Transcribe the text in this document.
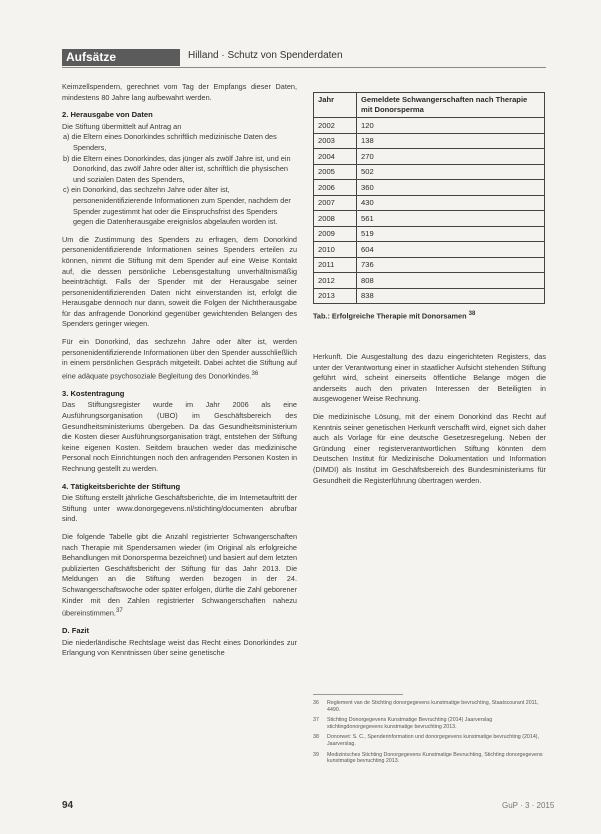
Aufsätze	Hilland · Schutz von Spenderdaten

Keimzellspendern, gerechnet vom Tag der Empfangs dieser Daten, mindestens 80 Jahre lang aufbewahrt werden.

2. Herausgabe von Daten

Die Stiftung übermittelt auf Antrag an

a) die Eltern eines Donorkindes schriftlich medizinische Daten des Spenders,
b) die Eltern eines Donorkindes, das jünger als zwölf Jahre ist, und ein Donorkind, das zwölf Jahre oder älter ist, schriftlich die physischen und sozialen Daten des Spenders,
c) ein Donorkind, das sechzehn Jahre oder älter ist, personenidentifizierende Informationen zum Spender, nachdem der Spender zugestimmt hat oder die Einspruchsfrist des Spenders gegen die Datenherausgabe ereignislos abgelaufen worden ist.

Um die Zustimmung des Spenders zu erfragen, dem Donorkind personenidentifizierende Informationen seines Spenders erteilen zu können, nimmt die Stiftung mit dem Spender auf eine Weise Kontakt auf, die dessen persönliche Lebensgestaltung unverhältnismäßig beeinträchtigt. Falls der Spender mit der Herausgabe seiner personenidentifizierenden Daten nicht einverstanden ist, erfolgt die Herausgabe dennoch nur dann, soweit die Folgen der Nichtherausgabe für das anfragende Donorkind gegenüber gewichtenden Belangen des Spenders geringer wiegen.

Für ein Donorkind, das sechzehn Jahre oder älter ist, werden personenidentifizierende Informationen über den Spender ausschließlich in einem persönlichen Gespräch mitgeteilt. Dabei achtet die Stiftung auf eine adäquate psychosoziale Begleitung des Donorkindes.$^{36}$

3. Kostentragung

Das Stiftungsregister wurde im Jahr 2006 als eine Ausführungsorganisation (UBO) im Geschäftsbereich des Gesundheitsministeriums übergeben. Da das Gesundheitsministerium die Kosten dieser Ausführungsorganisation trägt, entstehen der Stiftung keine eigenen Kosten. Seitdem brauchen weder das medizinische Personal noch Einrichtungen noch den anfragenden Personen Kosten in Rechnung gestellt zu werden.

4. Tätigkeitsberichte der Stiftung

Die Stiftung erstellt jährliche Geschäftsberichte, die im Internetauftritt der Stiftung unter www.donorgegevens.nl/stichting/documenten abrufbar sind.

Die folgende Tabelle gibt die Anzahl registrierter Schwangerschaften nach Therapie mit Spendersamen wieder (im Original als erfolgreiche Behandlungen mit Donorsperma bezeichnet) und basiert auf dem letzten publizierten Geschäftsbericht der Stiftung für das Jahr 2013. Die Meldungen an die Stiftung werden bezogen in der 24. Schwangerschaftswoche oder später erfolgen, dürfte die Zahl geborener Kinder mit den Zahlen registrierter Schwangerschaften nahezu übereinstimmen.$^{37}$

D. Fazit

Die niederländische Rechtslage weist das Recht eines Donorkindes zur Erlangung von Kenntnissen über seine genetische

Jahr	Gemeldete Schwangerschaften nach Therapie mit Donorsperma
2002	120
2003	138
2004	270
2005	502
2006	360
2007	430
2008	561
2009	519
2010	604
2011	736
2012	808
2013	838
Tab.: Erfolgreiche Therapie mit Donorsamen $^{38}$

Herkunft. Die Ausgestaltung des dazu eingerichteten Registers, das unter der Verantwortung einer in staatlicher Aufsicht stehenden Stiftung geführt wird, scheint einerseits öffentliche Belange mögen die anderseits auch den privaten Interessen der Beteiligten in ausgewogener Weise Rechnung.

Die medizinische Lösung, mit der einem Donorkind das Recht auf Kenntnis seiner genetischen Herkunft verschafft wird, eignet sich daher auch als Vorlage für eine deutsche Gesetzesregelung. Neben der Gründung einer registerverantwortlichen Stiftung könnten dem Deutschen Institut für Medizinische Dokumentation und Information (DIMDI) als Institut im Geschäftsbereich des Bundesministeriums für Gesundheit die Registerführung übertragen werden.

36	Reglement van de Stichting donorgegevens kunstmatige bevruchting, Staatscourant 2011, 4490.
37	Stichting Donorgegevens Kunstmatige Bevruchting (2014) Jaarverslag stichtingdonorgegevens kunstmatige bevruchting 2013.
38	Donorwet: S. C., Spenderinformation und donorgegevens kunstmatige bevruchting (2014), Jaarverslag.
39	Medizinisches Stichting Donorgegevens Kunstmatige Bevruchting, Stichting donorgegevens kunstmatige bevruchting 2013.
94	GuP · 3 · 2015
